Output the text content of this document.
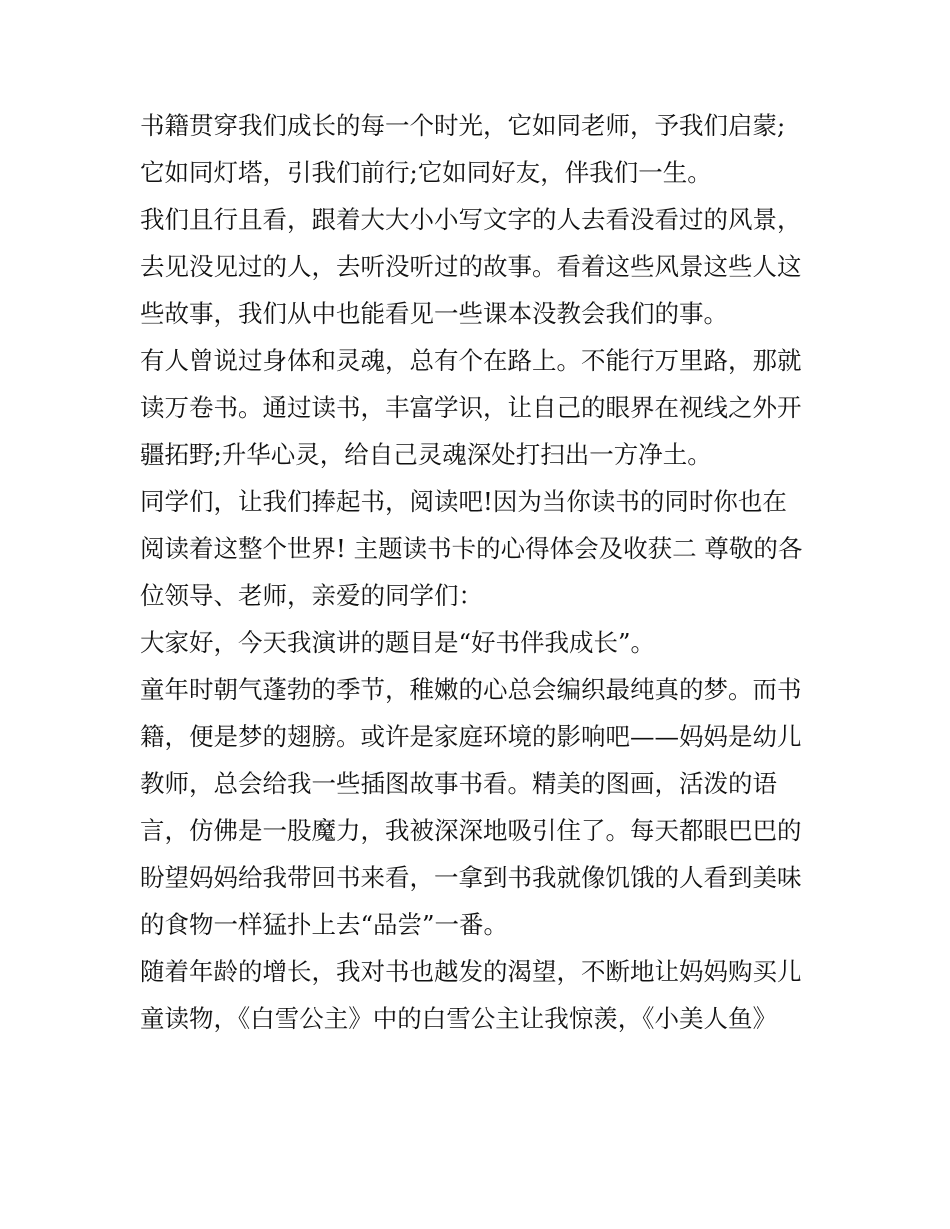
书籍贯穿我们成长的每一个时光，它如同老师，予我们启蒙;
它如同灯塔，引我们前行;它如同好友，伴我们一生。
我们且行且看，跟着大大小小写文字的人去看没看过的风景，
去见没见过的人，去听没听过的故事。看着这些风景这些人这
些故事，我们从中也能看见一些课本没教会我们的事。
有人曾说过身体和灵魂，总有个在路上。不能行万里路，那就
读万卷书。通过读书，丰富学识，让自己的眼界在视线之外开
疆拓野;升华心灵，给自己灵魂深处打扫出一方净土。
同学们，让我们捧起书，阅读吧!因为当你读书的同时你也在
阅读着这整个世界! 主题读书卡的心得体会及收获二 尊敬的各
位领导、老师，亲爱的同学们：
大家好，今天我演讲的题目是“好书伴我成长”。
童年时朝气蓬勃的季节，稚嫩的心总会编织最纯真的梦。而书
籍，便是梦的翅膀。或许是家庭环境的影响吧——妈妈是幼儿
教师，总会给我一些插图故事书看。精美的图画，活泼的语
言，仿佛是一股魔力，我被深深地吸引住了。每天都眼巴巴的
盼望妈妈给我带回书来看，一拿到书我就像饥饿的人看到美味
的食物一样猛扑上去“品尝”一番。
随着年龄的增长，我对书也越发的渴望，不断地让妈妈购买儿
童读物，《白雪公主》中的白雪公主让我惊羡，《小美人鱼》
